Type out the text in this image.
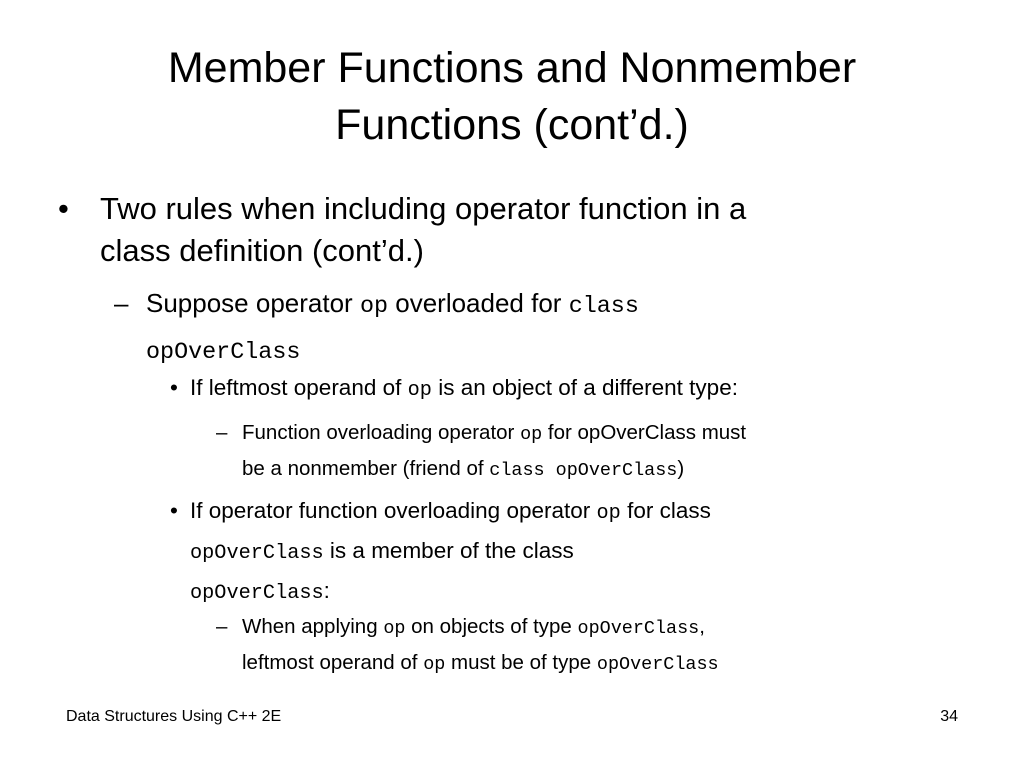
Member Functions and Nonmember
Functions (cont’d.)
• Two rules when including operator function in a
class definition (cont’d.)
– Suppose operator op overloaded for class
opOverClass
• If leftmost operand of op is an object of a different type:
– Function overloading operator op for opOverClass must
be a nonmember (friend of class opOverClass)
• If operator function overloading operator op for class
opOverClass is a member of the class
opOverClass:
– When applying op on objects of type opOverClass,
leftmost operand of op must be of type opOverClass
Data Structures Using C++ 2E	34
